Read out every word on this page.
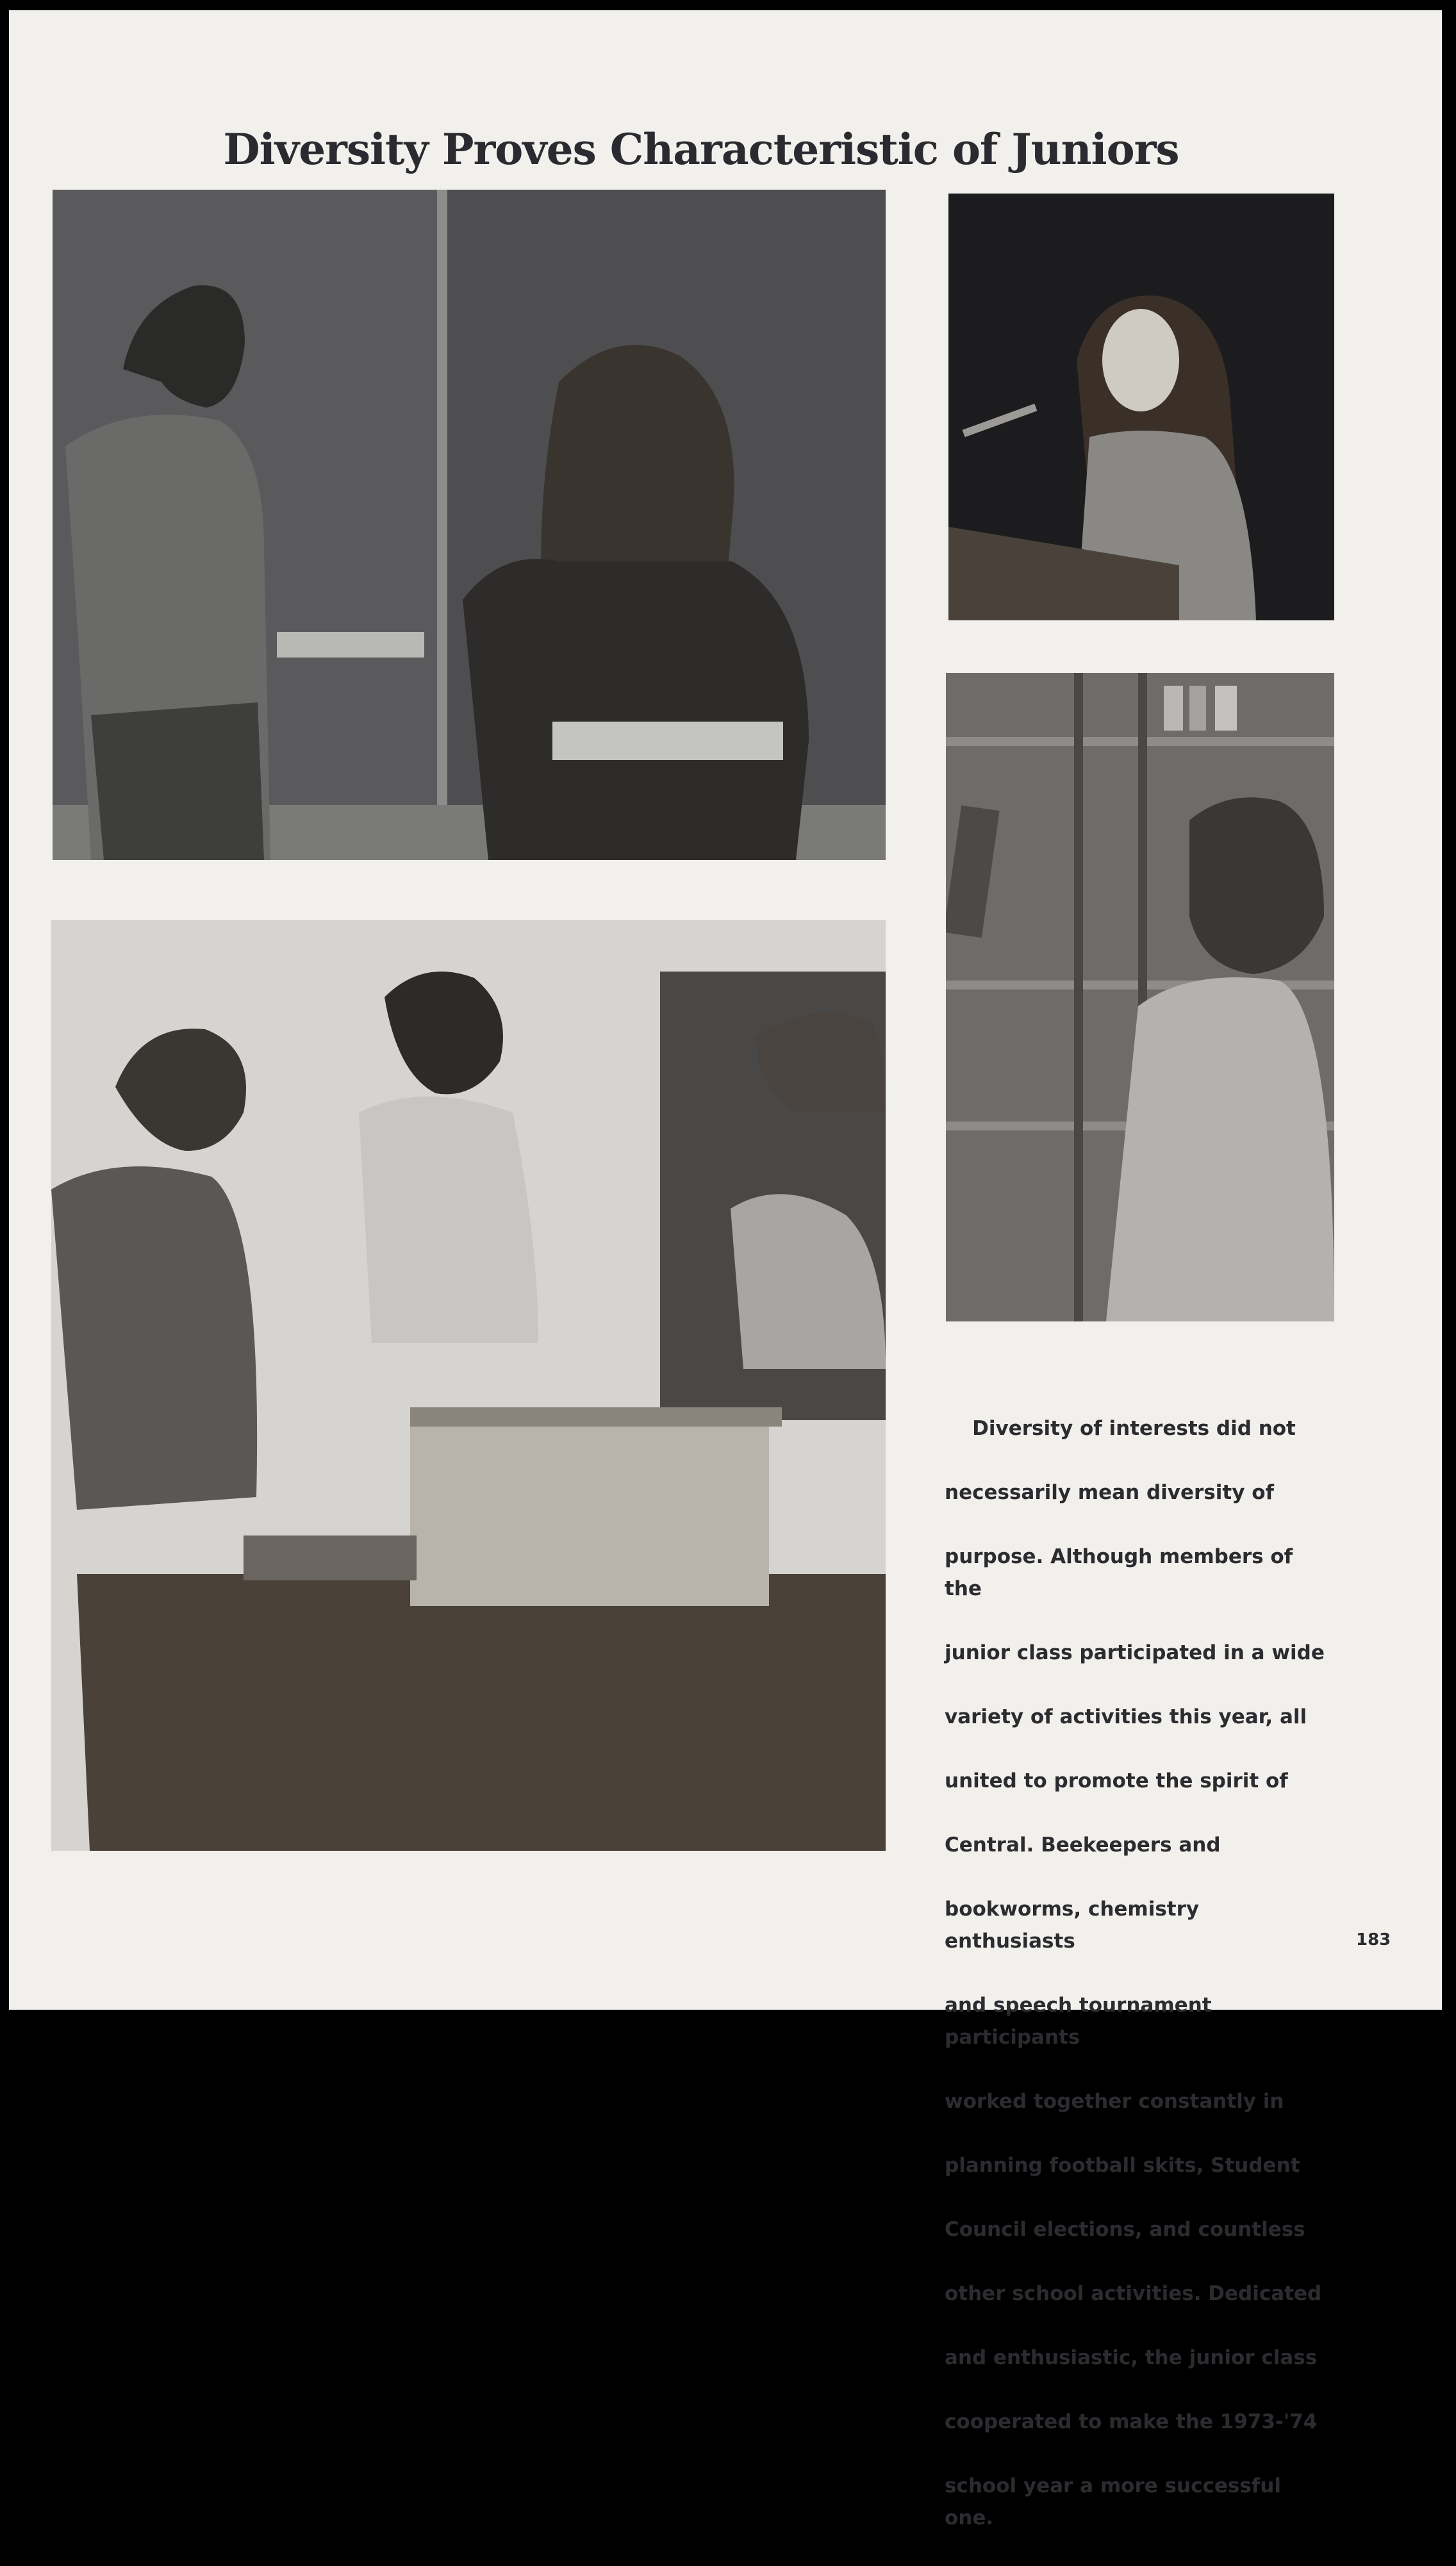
Diversity Proves Characteristic of Juniors

Diversity of interests did not

necessarily mean diversity of

purpose. Although members of the

junior class participated in a wide

variety of activities this year, all

united to promote the spirit of

Central. Beekeepers and

bookworms, chemistry enthusiasts

and speech tournament participants

worked together constantly in

planning football skits, Student

Council elections, and countless

other school activities. Dedicated

and enthusiastic, the junior class

cooperated to make the 1973-'74

school year a more successful one.

183
